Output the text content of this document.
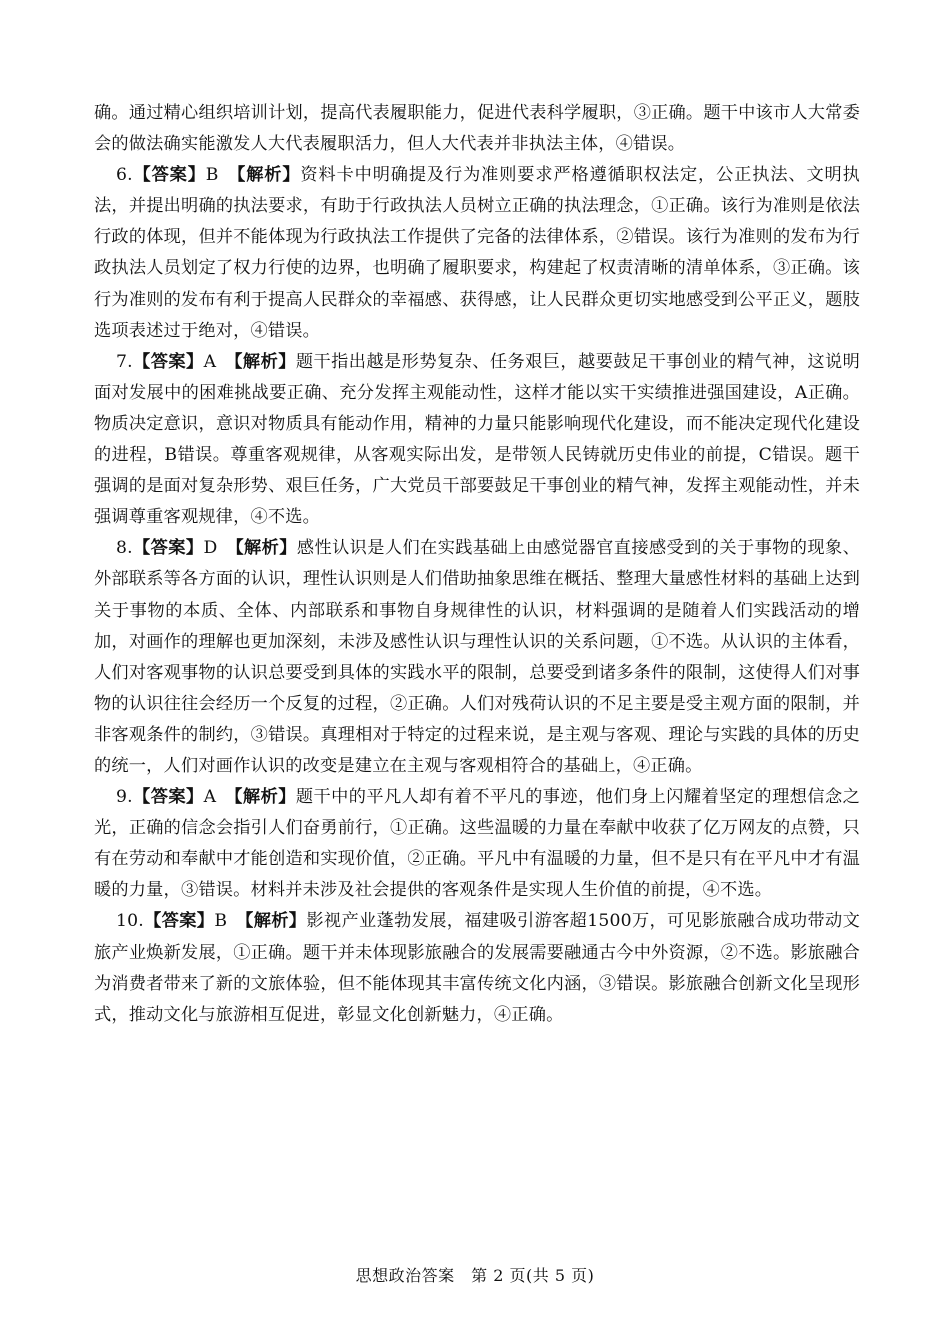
确。通过精心组织培训计划，提高代表履职能力，促进代表科学履职，③正确。题干中该市人大常委会的做法确实能激发人大代表履职活力，但人大代表并非执法主体，④错误。

6.【答案】B  【解析】资料卡中明确提及行为准则要求严格遵循职权法定，公正执法、文明执法，并提出明确的执法要求，有助于行政执法人员树立正确的执法理念，①正确。该行为准则是依法行政的体现，但并不能体现为行政执法工作提供了完备的法律体系，②错误。该行为准则的发布为行政执法人员划定了权力行使的边界，也明确了履职要求，构建起了权责清晰的清单体系，③正确。该行为准则的发布有利于提高人民群众的幸福感、获得感，让人民群众更切实地感受到公平正义，题肢选项表述过于绝对，④错误。

7.【答案】A  【解析】题干指出越是形势复杂、任务艰巨，越要鼓足干事创业的精气神，这说明面对发展中的困难挑战要正确、充分发挥主观能动性，这样才能以实干实绩推进强国建设，A正确。物质决定意识，意识对物质具有能动作用，精神的力量只能影响现代化建设，而不能决定现代化建设的进程，B错误。尊重客观规律，从客观实际出发，是带领人民铸就历史伟业的前提，C错误。题干强调的是面对复杂形势、艰巨任务，广大党员干部要鼓足干事创业的精气神，发挥主观能动性，并未强调尊重客观规律，④不选。

8.【答案】D  【解析】感性认识是人们在实践基础上由感觉器官直接感受到的关于事物的现象、外部联系等各方面的认识，理性认识则是人们借助抽象思维在概括、整理大量感性材料的基础上达到关于事物的本质、全体、内部联系和事物自身规律性的认识，材料强调的是随着人们实践活动的增加，对画作的理解也更加深刻，未涉及感性认识与理性认识的关系问题，①不选。从认识的主体看，人们对客观事物的认识总要受到具体的实践水平的限制，总要受到诸多条件的限制，这使得人们对事物的认识往往会经历一个反复的过程，②正确。人们对残荷认识的不足主要是受主观方面的限制，并非客观条件的制约，③错误。真理相对于特定的过程来说，是主观与客观、理论与实践的具体的历史的统一，人们对画作认识的改变是建立在主观与客观相符合的基础上，④正确。

9.【答案】A  【解析】题干中的平凡人却有着不平凡的事迹，他们身上闪耀着坚定的理想信念之光，正确的信念会指引人们奋勇前行，①正确。这些温暖的力量在奉献中收获了亿万网友的点赞，只有在劳动和奉献中才能创造和实现价值，②正确。平凡中有温暖的力量，但不是只有在平凡中才有温暖的力量，③错误。材料并未涉及社会提供的客观条件是实现人生价值的前提，④不选。

10.【答案】B  【解析】影视产业蓬勃发展，福建吸引游客超1500万，可见影旅融合成功带动文旅产业焕新发展，①正确。题干并未体现影旅融合的发展需要融通古今中外资源，②不选。影旅融合为消费者带来了新的文旅体验，但不能体现其丰富传统文化内涵，③错误。影旅融合创新文化呈现形式，推动文化与旅游相互促进，彰显文化创新魅力，④正确。

思想政治答案  第 2 页(共 5 页)
